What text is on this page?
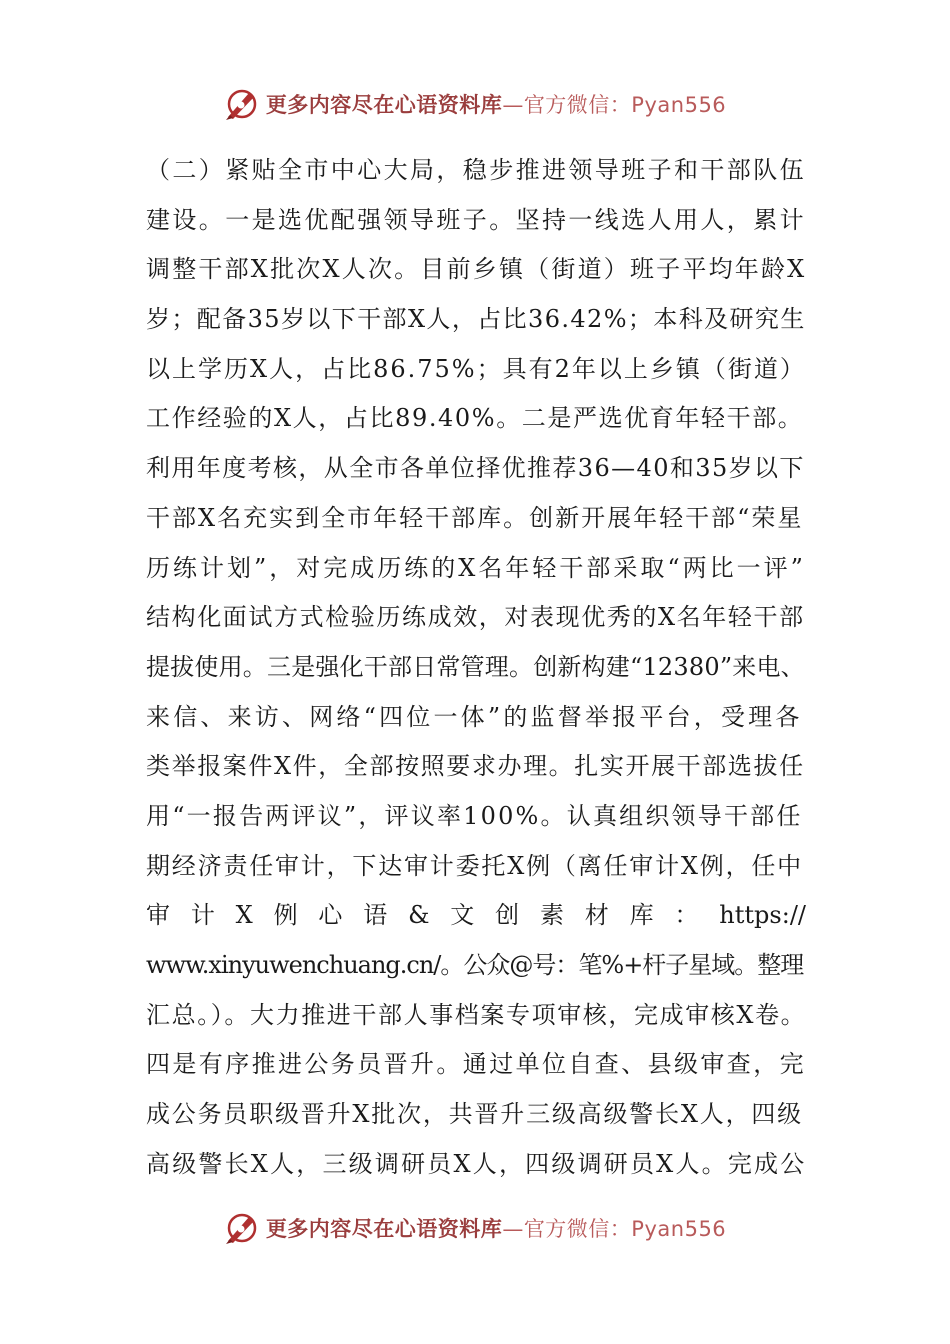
更多内容尽在心语资料库—官方微信：Pyan556
（二）紧贴全市中心大局，稳步推进领导班子和干部队伍
建设。一是选优配强领导班子。坚持一线选人用人，累计
调整干部X批次X人次。目前乡镇（街道）班子平均年龄X
岁；配备35岁以下干部X人，占比36.42%；本科及研究生
以上学历X人，占比86.75%；具有2年以上乡镇（街道）
工作经验的X人，占比89.40%。二是严选优育年轻干部。
利用年度考核，从全市各单位择优推荐36—40和35岁以下
干部X名充实到全市年轻干部库。创新开展年轻干部“荣星
历练计划”，对完成历练的X名年轻干部采取“两比一评”
结构化面试方式检验历练成效，对表现优秀的X名年轻干部
提拔使用。三是强化干部日常管理。创新构建“12380”来电、
来信、来访、网络“四位一体”的监督举报平台，受理各
类举报案件X件，全部按照要求办理。扎实开展干部选拔任
用“一报告两评议”，评议率100%。认真组织领导干部任
期经济责任审计，下达审计委托X例（离任审计X例，任中
审计X例心语&文创素材库：https://
www.xinyuwenchuang.cn/。公众@号：笔%+杆子星域。整理
汇总。）。大力推进干部人事档案专项审核，完成审核X卷。
四是有序推进公务员晋升。通过单位自查、县级审查，完
成公务员职级晋升X批次，共晋升三级高级警长X人，四级
高级警长X人，三级调研员X人，四级调研员X人。完成公
更多内容尽在心语资料库—官方微信：Pyan556
